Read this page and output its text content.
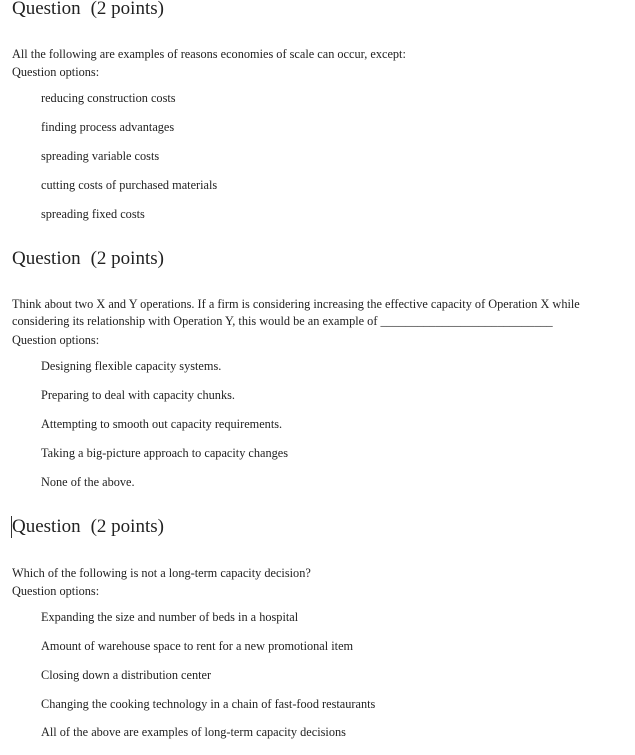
Question (2 points)

All the following are examples of reasons economies of scale can occur, except:

Question options:

reducing construction costs
finding process advantages
spreading variable costs
cutting costs of purchased materials
spreading fixed costs
Question (2 points)

Think about two X and Y operations. If a firm is considering increasing the effective capacity of Operation X while considering its relationship with Operation Y, this would be an example of ____________________________

Question options:

Designing flexible capacity systems.
Preparing to deal with capacity chunks.
Attempting to smooth out capacity requirements.
Taking a big-picture approach to capacity changes
None of the above.
Question (2 points)

Which of the following is not a long-term capacity decision?

Question options:

Expanding the size and number of beds in a hospital
Amount of warehouse space to rent for a new promotional item
Closing down a distribution center
Changing the cooking technology in a chain of fast-food restaurants
All of the above are examples of long-term capacity decisions
